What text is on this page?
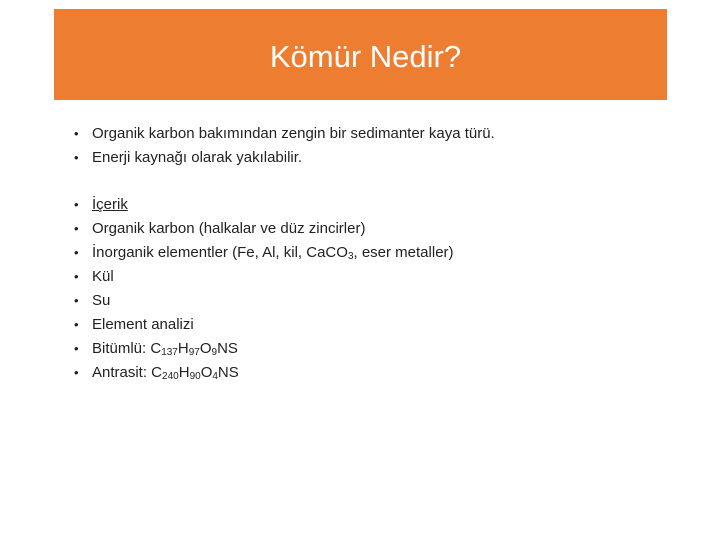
Kömür Nedir?
• Organik karbon bakımından zengin bir sedimanter kaya türü.
• Enerji kaynağı olarak yakılabilir.
• İçerik
• Organik karbon (halkalar ve düz zincirler)
• İnorganik elementler (Fe, Al, kil, CaCO$_3$, eser metaller)
• Kül
• Su
• Element analizi
• Bitümlü: $C_{137}H_{97}O_9NS$
• Antrasit: $C_{240}H_{90}O_4NS$
